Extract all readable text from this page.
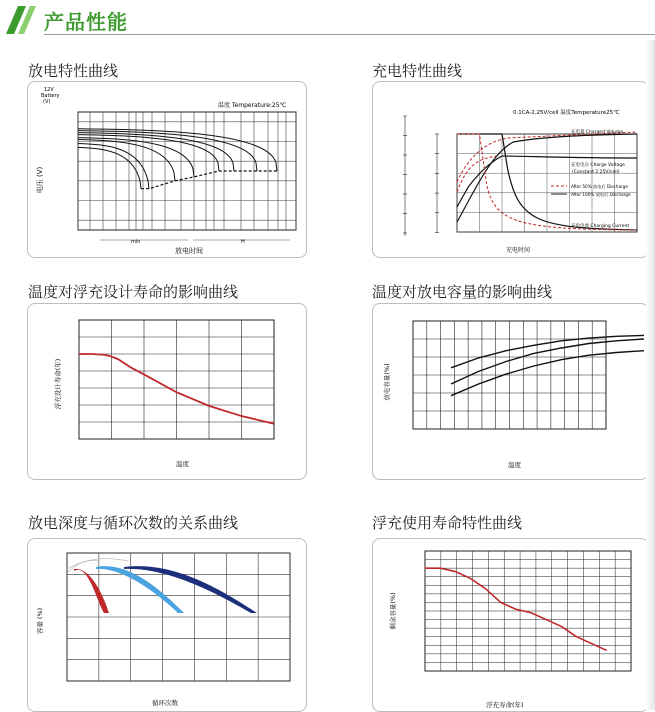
产品性能
放电特性曲线	充电特性曲线
温度对浮充设计寿命的影响曲线	温度对放电容量的影响曲线
放电深度与循环次数的关系曲线	浮充使用寿命特性曲线
12V
Battery
(V)	温度 Temperature:25℃
min	H
放电时间
电压 (V)
0.1CA-2.25V/cell 温度Temperature25℃
充电量 Charged Volume
充电电压 Charge Voltage
(Constant 2.25V/cell)
充电电流 Charging Current
After 50% 放电后 Discharge
After 100% 放电后 Discharge
充电时间
温度
浮充设计寿命(年)
温度
放电容量(%)
循环次数
容量 (%)
浮充寿命(年)
剩余容量(%)
